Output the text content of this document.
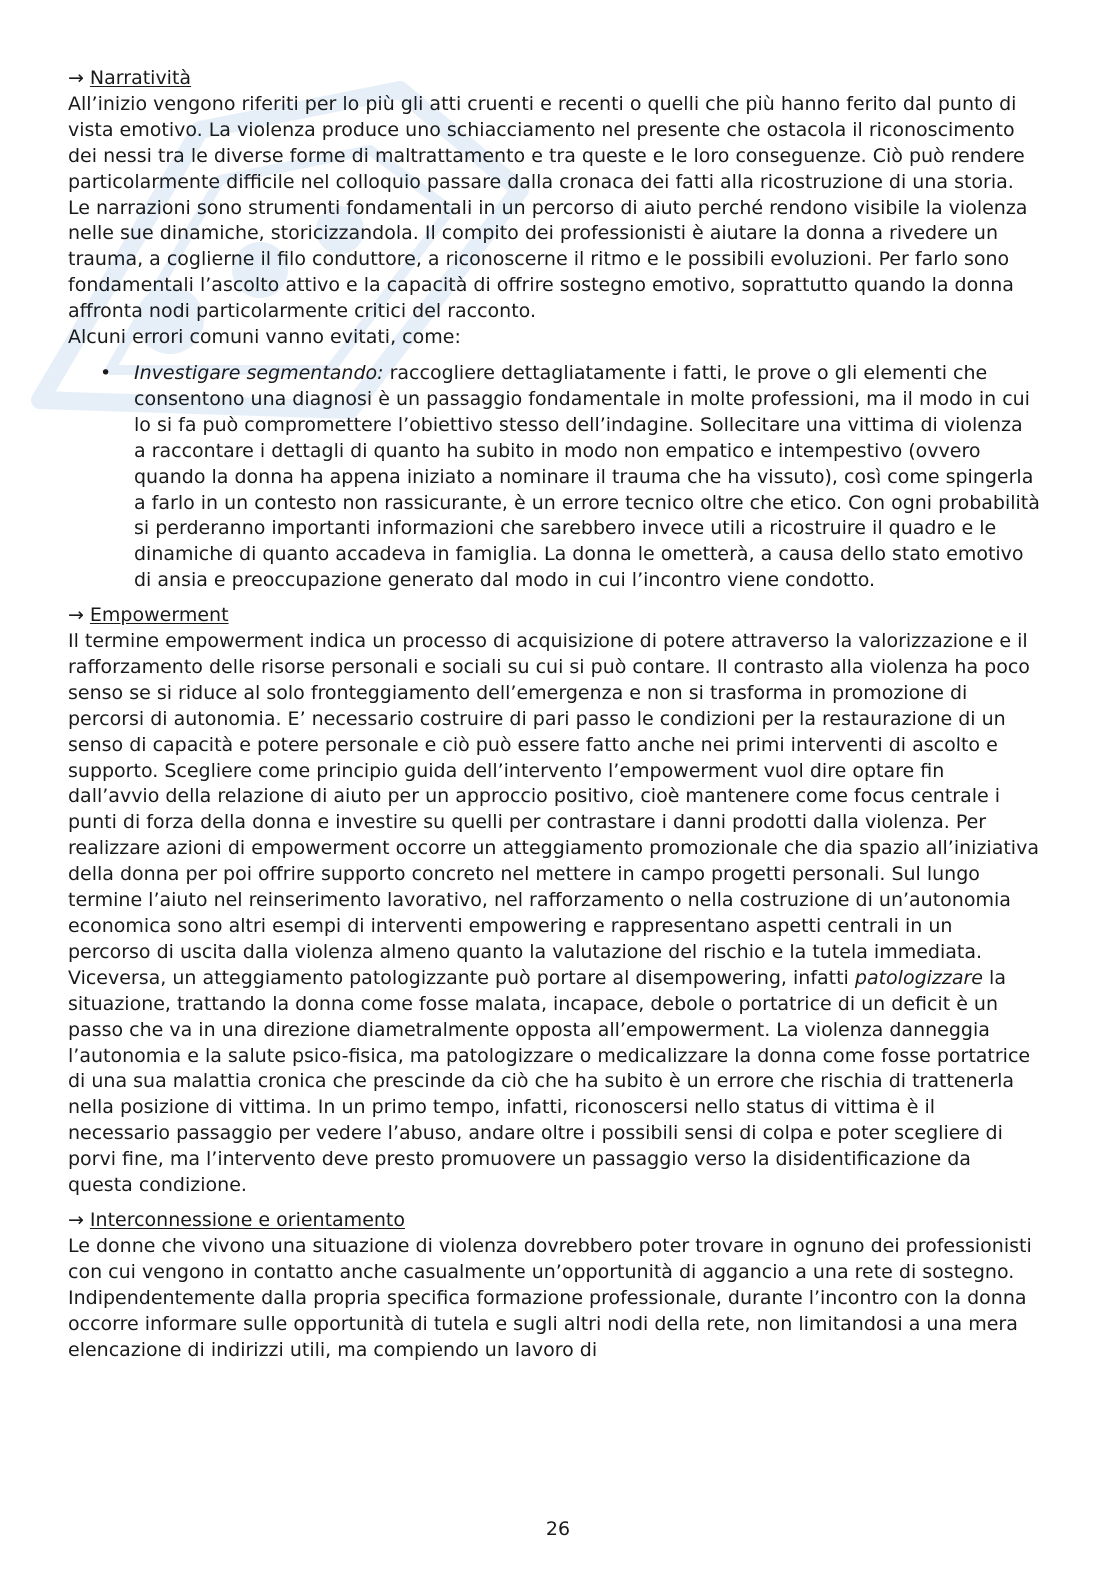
→ Narratività

All’inizio vengono riferiti per lo più gli atti cruenti e recenti o quelli che più hanno ferito dal punto di vista emotivo. La violenza produce uno schiacciamento nel presente che ostacola il riconoscimento dei nessi tra le diverse forme di maltrattamento e tra queste e le loro conseguenze. Ciò può rendere particolarmente difficile nel colloquio passare dalla cronaca dei fatti alla ricostruzione di una storia. Le narrazioni sono strumenti fondamentali in un percorso di aiuto perché rendono visibile la violenza nelle sue dinamiche, storicizzandola. Il compito dei professionisti è aiutare la donna a rivedere un trauma, a coglierne il filo conduttore, a riconoscerne il ritmo e le possibili evoluzioni. Per farlo sono fondamentali l’ascolto attivo e la capacità di offrire sostegno emotivo, soprattutto quando la donna affronta nodi particolarmente critici del racconto.

Alcuni errori comuni vanno evitati, come:

• Investigare segmentando: raccogliere dettagliatamente i fatti, le prove o gli elementi che consentono una diagnosi è un passaggio fondamentale in molte professioni, ma il modo in cui lo si fa può compromettere l’obiettivo stesso dell’indagine. Sollecitare una vittima di violenza a raccontare i dettagli di quanto ha subito in modo non empatico e intempestivo (ovvero quando la donna ha appena iniziato a nominare il trauma che ha vissuto), così come spingerla a farlo in un contesto non rassicurante, è un errore tecnico oltre che etico. Con ogni probabilità si perderanno importanti informazioni che sarebbero invece utili a ricostruire il quadro e le dinamiche di quanto accadeva in famiglia. La donna le ometterà, a causa dello stato emotivo di ansia e preoccupazione generato dal modo in cui l’incontro viene condotto.
→ Empowerment

Il termine empowerment indica un processo di acquisizione di potere attraverso la valorizzazione e il rafforzamento delle risorse personali e sociali su cui si può contare. Il contrasto alla violenza ha poco senso se si riduce al solo fronteggiamento dell’emergenza e non si trasforma in promozione di percorsi di autonomia. E’ necessario costruire di pari passo le condizioni per la restaurazione di un senso di capacità e potere personale e ciò può essere fatto anche nei primi interventi di ascolto e supporto. Scegliere come principio guida dell’intervento l’empowerment vuol dire optare fin dall’avvio della relazione di aiuto per un approccio positivo, cioè mantenere come focus centrale i punti di forza della donna e investire su quelli per contrastare i danni prodotti dalla violenza. Per realizzare azioni di empowerment occorre un atteggiamento promozionale che dia spazio all’iniziativa della donna per poi offrire supporto concreto nel mettere in campo progetti personali. Sul lungo termine l’aiuto nel reinserimento lavorativo, nel rafforzamento o nella costruzione di un’autonomia economica sono altri esempi di interventi empowering e rappresentano aspetti centrali in un percorso di uscita dalla violenza almeno quanto la valutazione del rischio e la tutela immediata.

Viceversa, un atteggiamento patologizzante può portare al disempowering, infatti patologizzare la situazione, trattando la donna come fosse malata, incapace, debole o portatrice di un deficit è un passo che va in una direzione diametralmente opposta all’empowerment. La violenza danneggia l’autonomia e la salute psico-fisica, ma patologizzare o medicalizzare la donna come fosse portatrice di una sua malattia cronica che prescinde da ciò che ha subito è un errore che rischia di trattenerla nella posizione di vittima. In un primo tempo, infatti, riconoscersi nello status di vittima è il necessario passaggio per vedere l’abuso, andare oltre i possibili sensi di colpa e poter scegliere di porvi fine, ma l’intervento deve presto promuovere un passaggio verso la disidentificazione da questa condizione.

→ Interconnessione e orientamento

Le donne che vivono una situazione di violenza dovrebbero poter trovare in ognuno dei professionisti con cui vengono in contatto anche casualmente un’opportunità di aggancio a una rete di sostegno. Indipendentemente dalla propria specifica formazione professionale, durante l’incontro con la donna occorre informare sulle opportunità di tutela e sugli altri nodi della rete, non limitandosi a una mera elencazione di indirizzi utili, ma compiendo un lavoro di

26
